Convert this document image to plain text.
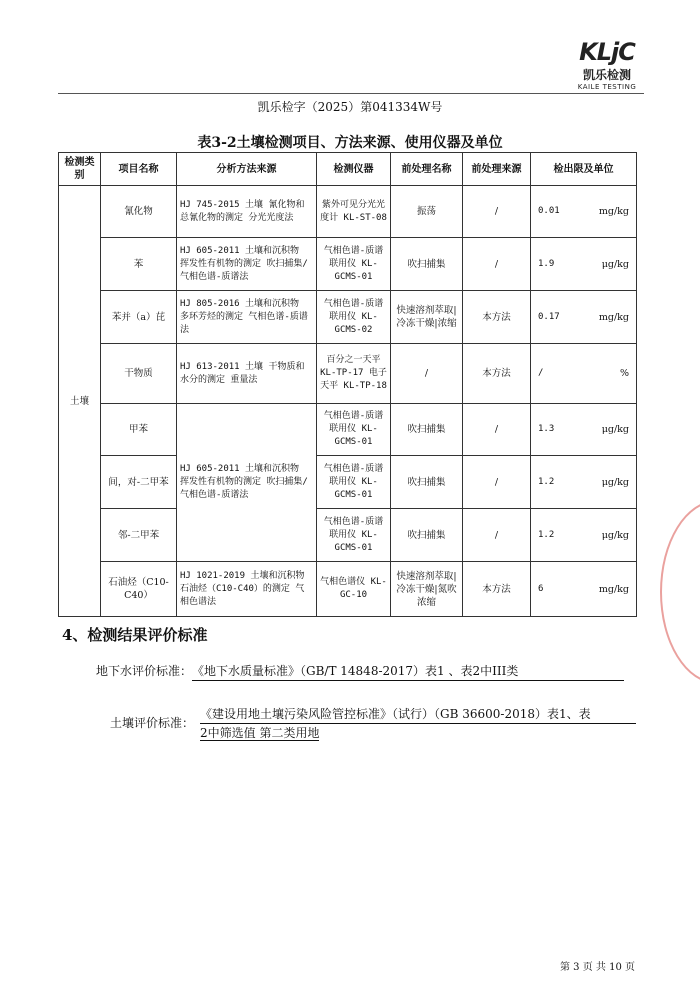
KLjC
凯乐检测
KAILE TESTING
凯乐检字（2025）第041334W号
表3-2土壤检测项目、方法来源、使用仪器及单位
检测类别	项目名称	分析方法来源	检测仪器	前处理名称	前处理来源	检出限及单位
土壤	氰化物	HJ 745-2015 土壤 氰化物和总氰化物的测定 分光光度法	紫外可见分光光度计 KL-ST-08	振荡	/	0.01 mg/kg

	苯	HJ 605-2011 土壤和沉积物 挥发性有机物的测定 吹扫捕集/气相色谱-质谱法	气相色谱-质谱联用仪 KL-GCMS-01	吹扫捕集	/	1.9 μg/kg

	苯并（a）芘	HJ 805-2016 土壤和沉积物 多环芳烃的测定 气相色谱-质谱法	气相色谱-质谱联用仪 KL-GCMS-02	快速溶剂萃取|冷冻干燥|浓缩	本方法	0.17 mg/kg

	干物质	HJ 613-2011 土壤 干物质和水分的测定 重量法	百分之一天平 KL-TP-17 电子天平 KL-TP-18	/	本方法	/ %

	甲苯	HJ 605-2011 土壤和沉积物 挥发性有机物的测定 吹扫捕集/气相色谱-质谱法	气相色谱-质谱联用仪 KL-GCMS-01	吹扫捕集	/	1.3 μg/kg

	间，对-二甲苯		气相色谱-质谱联用仪 KL-GCMS-01	吹扫捕集	/	1.2 μg/kg

	邻-二甲苯		气相色谱-质谱联用仪 KL-GCMS-01	吹扫捕集	/	1.2 μg/kg

	石油烃（C10-C40）	HJ 1021-2019 土壤和沉积物 石油烃（C10-C40）的测定 气相色谱法	气相色谱仪 KL-GC-10	快速溶剂萃取|冷冻干燥|氮吹浓缩	本方法	6 mg/kg
4、检测结果评价标准
地下水评价标准：《地下水质量标准》（GB/T 14848-2017）表1 、表2中III类
土壤评价标准：
《建设用地土壤污染风险管控标准》（试行）（GB 36600-2018）表1、表
2中筛选值 第二类用地
第 3 页 共 10 页
